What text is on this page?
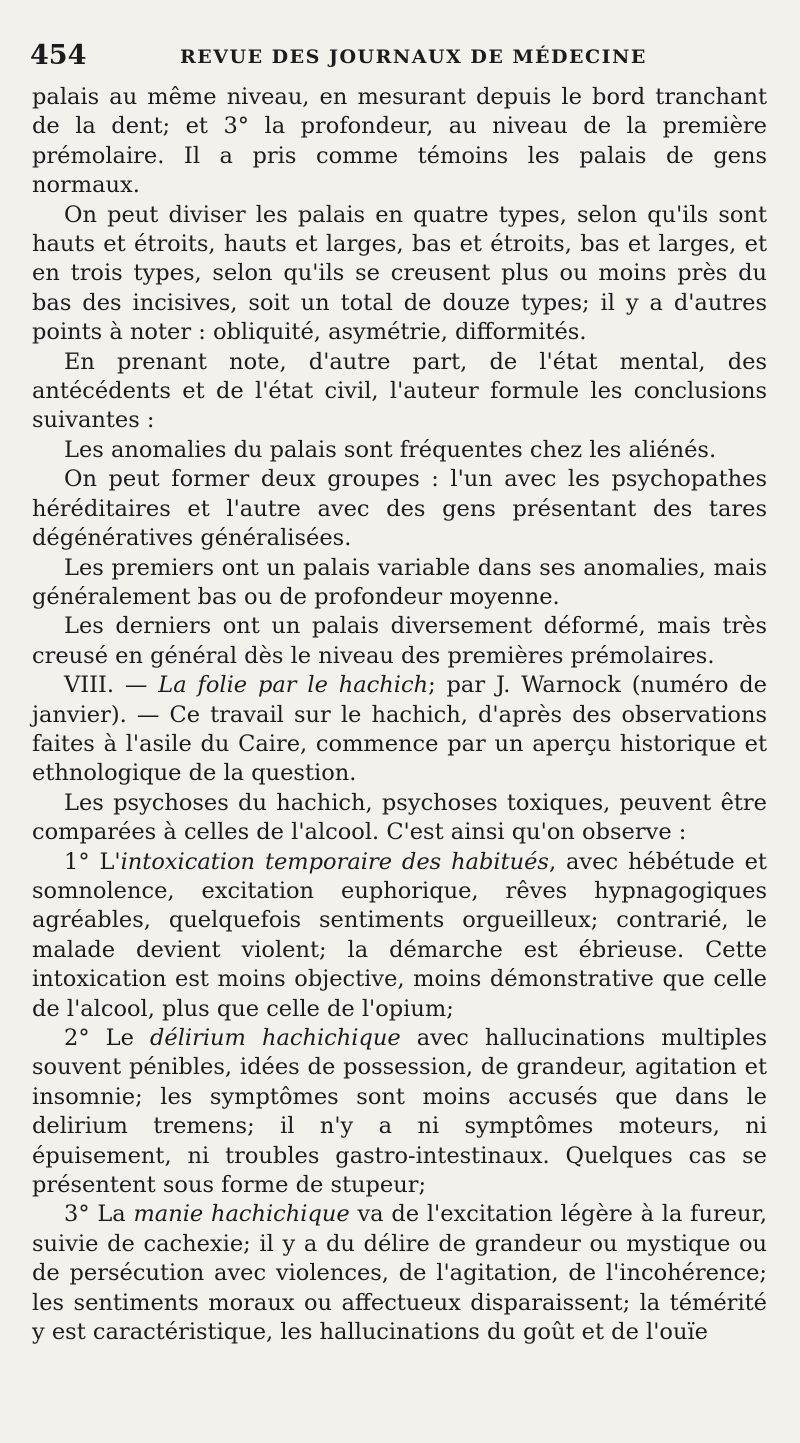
454	REVUE DES JOURNAUX DE MÉDECINE

palais au même niveau, en mesurant depuis le bord tranchant de la dent; et 3° la profondeur, au niveau de la première prémolaire. Il a pris comme témoins les palais de gens normaux.

On peut diviser les palais en quatre types, selon qu'ils sont hauts et étroits, hauts et larges, bas et étroits, bas et larges, et en trois types, selon qu'ils se creusent plus ou moins près du bas des incisives, soit un total de douze types; il y a d'autres points à noter : obliquité, asymétrie, difformités.

En prenant note, d'autre part, de l'état mental, des antécédents et de l'état civil, l'auteur formule les conclusions suivantes :

Les anomalies du palais sont fréquentes chez les aliénés.

On peut former deux groupes : l'un avec les psychopathes héréditaires et l'autre avec des gens présentant des tares dégénératives généralisées.

Les premiers ont un palais variable dans ses anomalies, mais généralement bas ou de profondeur moyenne.

Les derniers ont un palais diversement déformé, mais très creusé en général dès le niveau des premières prémolaires.

VIII. — La folie par le hachich; par J. Warnock (numéro de janvier). — Ce travail sur le hachich, d'après des observations faites à l'asile du Caire, commence par un aperçu historique et ethnologique de la question.

Les psychoses du hachich, psychoses toxiques, peuvent être comparées à celles de l'alcool. C'est ainsi qu'on observe :

1° L'intoxication temporaire des habitués, avec hébétude et somnolence, excitation euphorique, rêves hypnagogiques agréables, quelquefois sentiments orgueilleux; contrarié, le malade devient violent; la démarche est ébrieuse. Cette intoxication est moins objective, moins démonstrative que celle de l'alcool, plus que celle de l'opium;

2° Le délirium hachichique avec hallucinations multiples souvent pénibles, idées de possession, de grandeur, agitation et insomnie; les symptômes sont moins accusés que dans le delirium tremens; il n'y a ni symptômes moteurs, ni épuisement, ni troubles gastro-intestinaux. Quelques cas se présentent sous forme de stupeur;

3° La manie hachichique va de l'excitation légère à la fureur, suivie de cachexie; il y a du délire de grandeur ou mystique ou de persécution avec violences, de l'agitation, de l'incohérence; les sentiments moraux ou affectueux disparaissent; la témérité y est caractéristique, les hallucinations du goût et de l'ouïe
